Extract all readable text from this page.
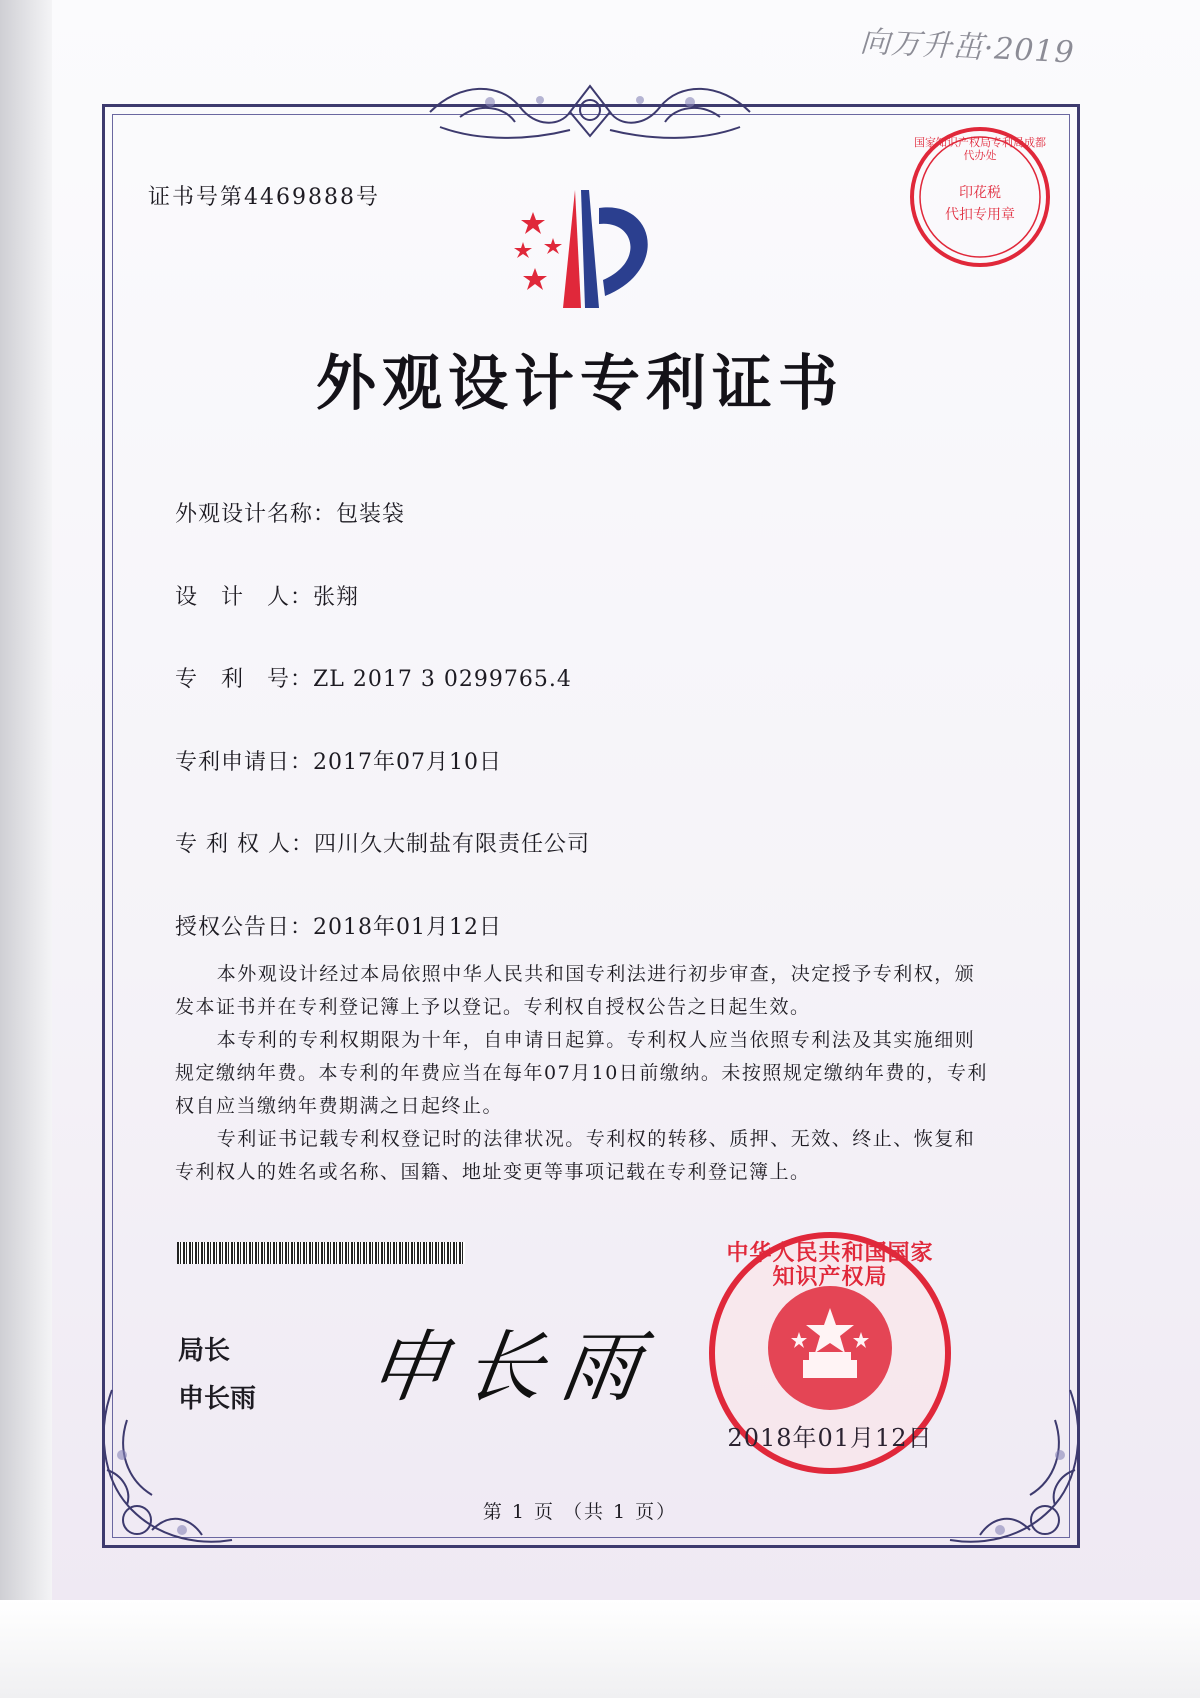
向万升茁·2019
证书号第4469888号
国家知识产权局专利局成都代办处
印花税
代扣专用章
外观设计专利证书
外观设计名称：包装袋
设　计　人：张翔
专　利　号：ZL 2017 3 0299765.4
专利申请日：2017年07月10日
专 利 权 人：四川久大制盐有限责任公司
授权公告日：2018年01月12日

本外观设计经过本局依照中华人民共和国专利法进行初步审查，决定授予专利权，颁发本证书并在专利登记簿上予以登记。专利权自授权公告之日起生效。

本专利的专利权期限为十年，自申请日起算。专利权人应当依照专利法及其实施细则规定缴纳年费。本专利的年费应当在每年07月10日前缴纳。未按照规定缴纳年费的，专利权自应当缴纳年费期满之日起终止。

专利证书记载专利权登记时的法律状况。专利权的转移、质押、无效、终止、恢复和专利权人的姓名或名称、国籍、地址变更等事项记载在专利登记簿上。

局长
申长雨 申长雨
中华人民共和国国家知识产权局
2018年01月12日
第 1 页 （共 1 页）
